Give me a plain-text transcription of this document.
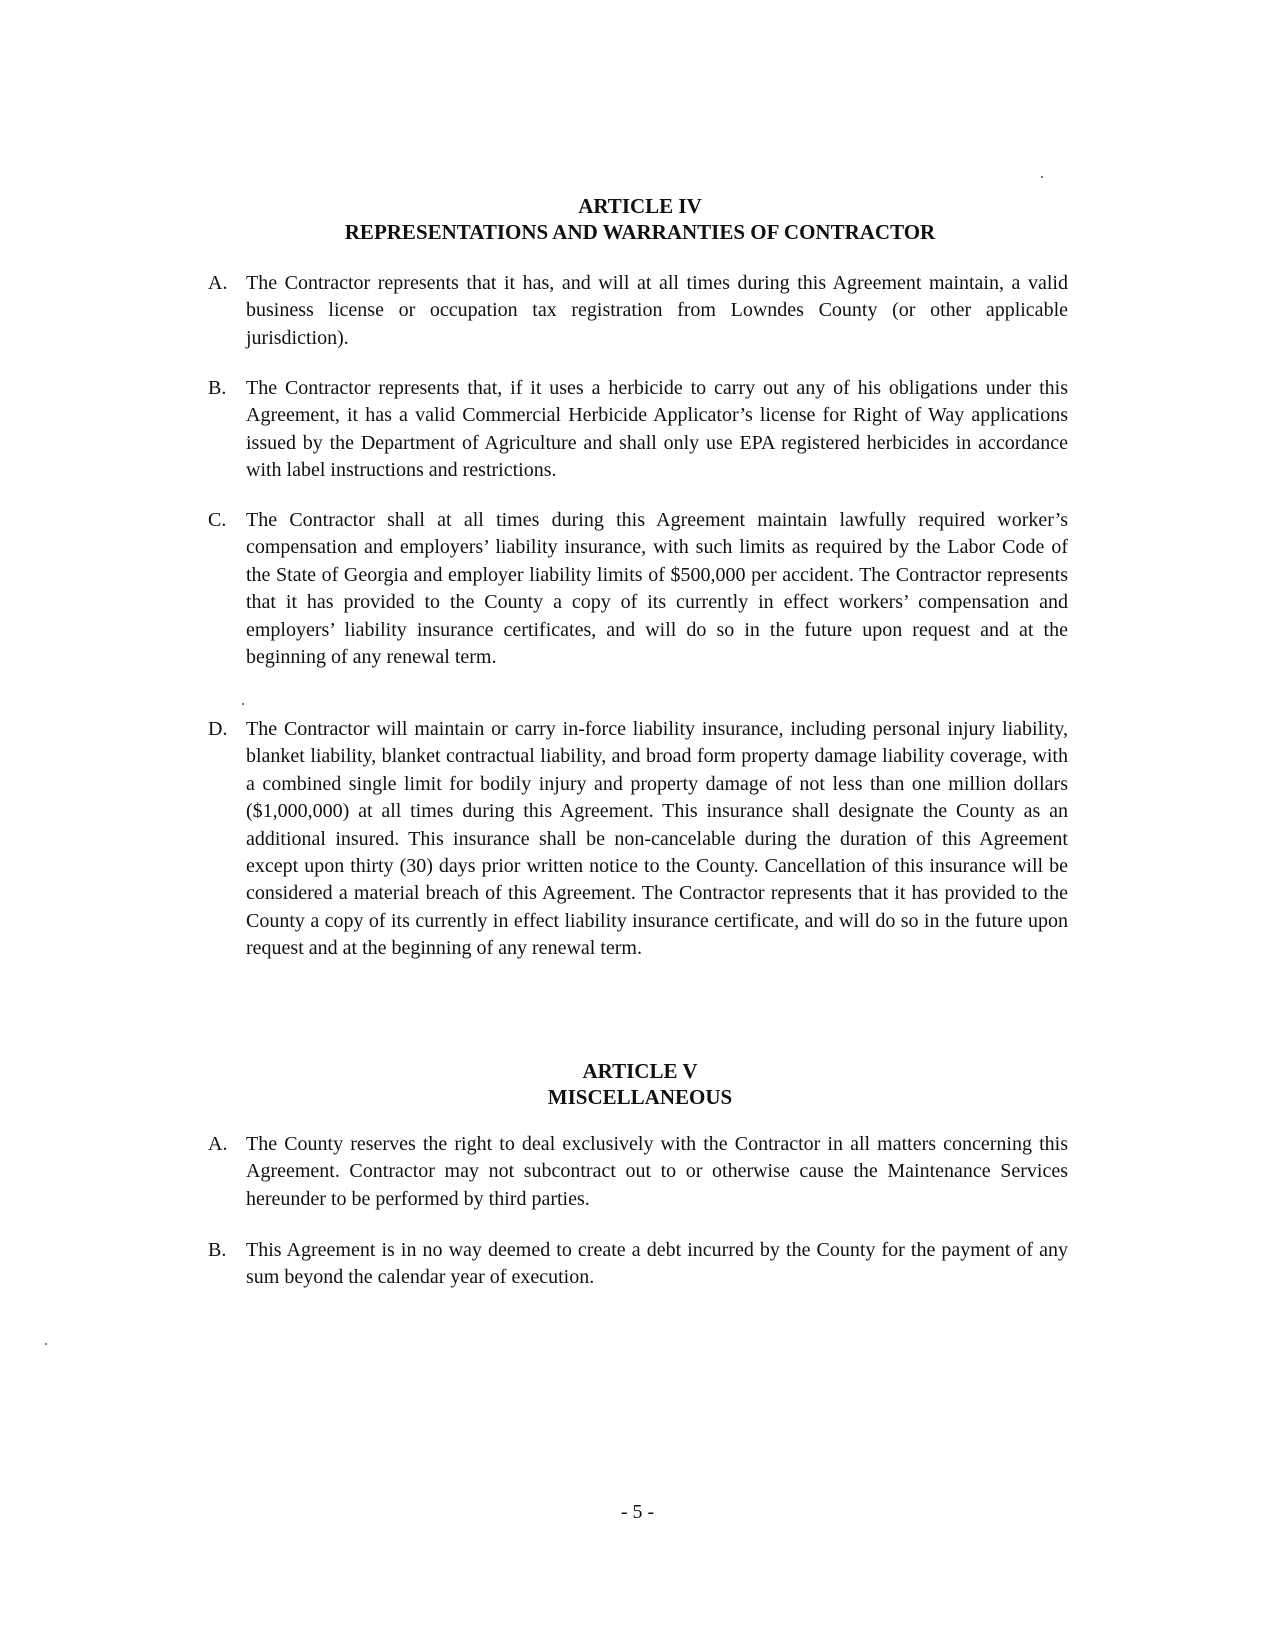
ARTICLE IV
REPRESENTATIONS AND WARRANTIES OF CONTRACTOR
A. The Contractor represents that it has, and will at all times during this Agreement maintain, a valid business license or occupation tax registration from Lowndes County (or other applicable jurisdiction).
B. The Contractor represents that, if it uses a herbicide to carry out any of his obligations under this Agreement, it has a valid Commercial Herbicide Applicator’s license for Right of Way applications issued by the Department of Agriculture and shall only use EPA registered herbicides in accordance with label instructions and restrictions.
C. The Contractor shall at all times during this Agreement maintain lawfully required worker’s compensation and employers’ liability insurance, with such limits as required by the Labor Code of the State of Georgia and employer liability limits of $500,000 per accident. The Contractor represents that it has provided to the County a copy of its currently in effect workers’ compensation and employers’ liability insurance certificates, and will do so in the future upon request and at the beginning of any renewal term.
D. The Contractor will maintain or carry in-force liability insurance, including personal injury liability, blanket liability, blanket contractual liability, and broad form property damage liability coverage, with a combined single limit for bodily injury and property damage of not less than one million dollars ($1,000,000) at all times during this Agreement. This insurance shall designate the County as an additional insured. This insurance shall be non-cancelable during the duration of this Agreement except upon thirty (30) days prior written notice to the County. Cancellation of this insurance will be considered a material breach of this Agreement. The Contractor represents that it has provided to the County a copy of its currently in effect liability insurance certificate, and will do so in the future upon request and at the beginning of any renewal term.
ARTICLE V
MISCELLANEOUS
A. The County reserves the right to deal exclusively with the Contractor in all matters concerning this Agreement. Contractor may not subcontract out to or otherwise cause the Maintenance Services hereunder to be performed by third parties.
B. This Agreement is in no way deemed to create a debt incurred by the County for the payment of any sum beyond the calendar year of execution.
- 5 -
